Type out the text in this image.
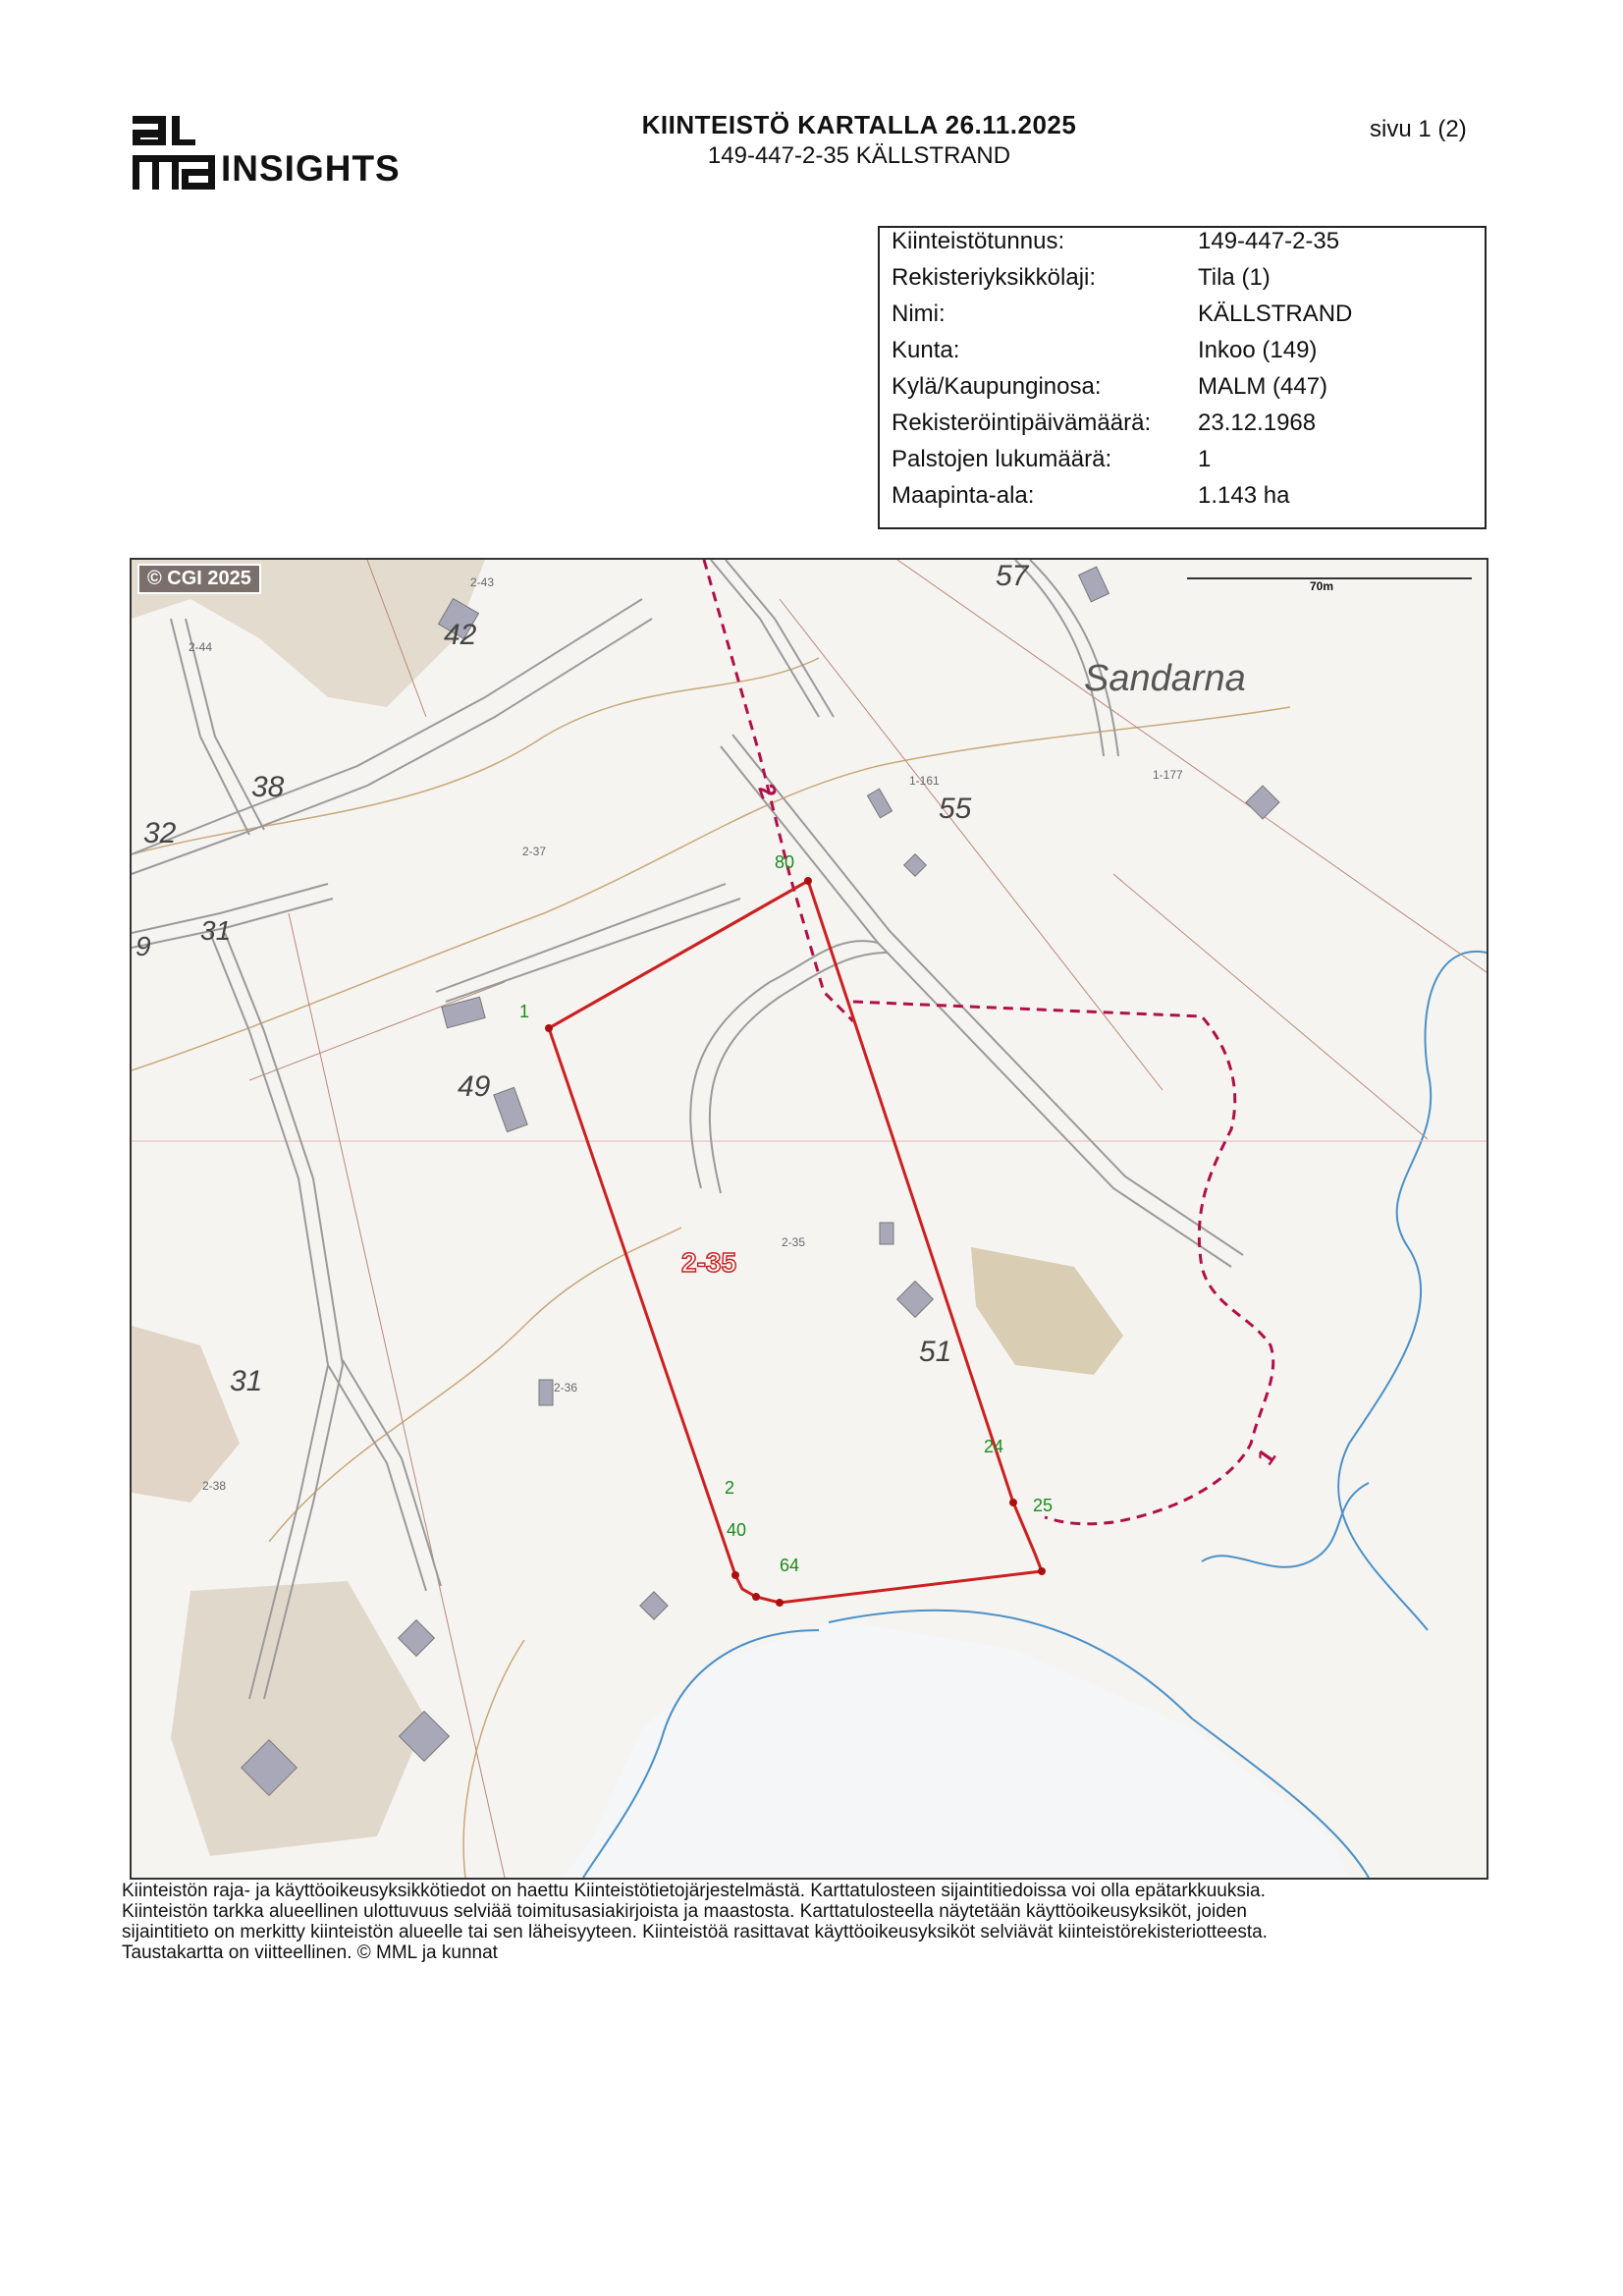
INSIGHTS
KIINTEISTÖ KARTALLA 26.11.2025
149-447-2-35 KÄLLSTRAND
sivu 1 (2)
Kiinteistötunnus:	149-447-2-35
Rekisteriyksikkölaji:	Tila (1)
Nimi:	KÄLLSTRAND
Kunta:	Inkoo (149)
Kylä/Kaupunginosa:	MALM (447)
Rekisteröintipäivämäärä: 23.12.1968
Palstojen lukumäärä:	1
Maapinta-ala:	1.143 ha
© CGI 2025	70m
Sandarna
42
38
32
31
9
49
57
55
51
31
2-43
2-44
2-37
1-161	1-177
2-35
2-36
2-38
2-35
80
1
24
25
2
40
64
2
1
Kiinteistön raja- ja käyttöoikeusyksikkötiedot on haettu Kiinteistötietojärjestelmästä. Karttatulosteen sijaintitiedoissa voi olla epätarkkuuksia.
Kiinteistön tarkka alueellinen ulottuvuus selviää toimitusasiakirjoista ja maastosta. Karttatulosteella näytetään käyttöoikeusyksiköt, joiden
sijaintitieto on merkitty kiinteistön alueelle tai sen läheisyyteen. Kiinteistöä rasittavat käyttöoikeusyksiköt selviävät kiinteistörekisteriotteesta.
Taustakartta on viitteellinen. © MML ja kunnat
